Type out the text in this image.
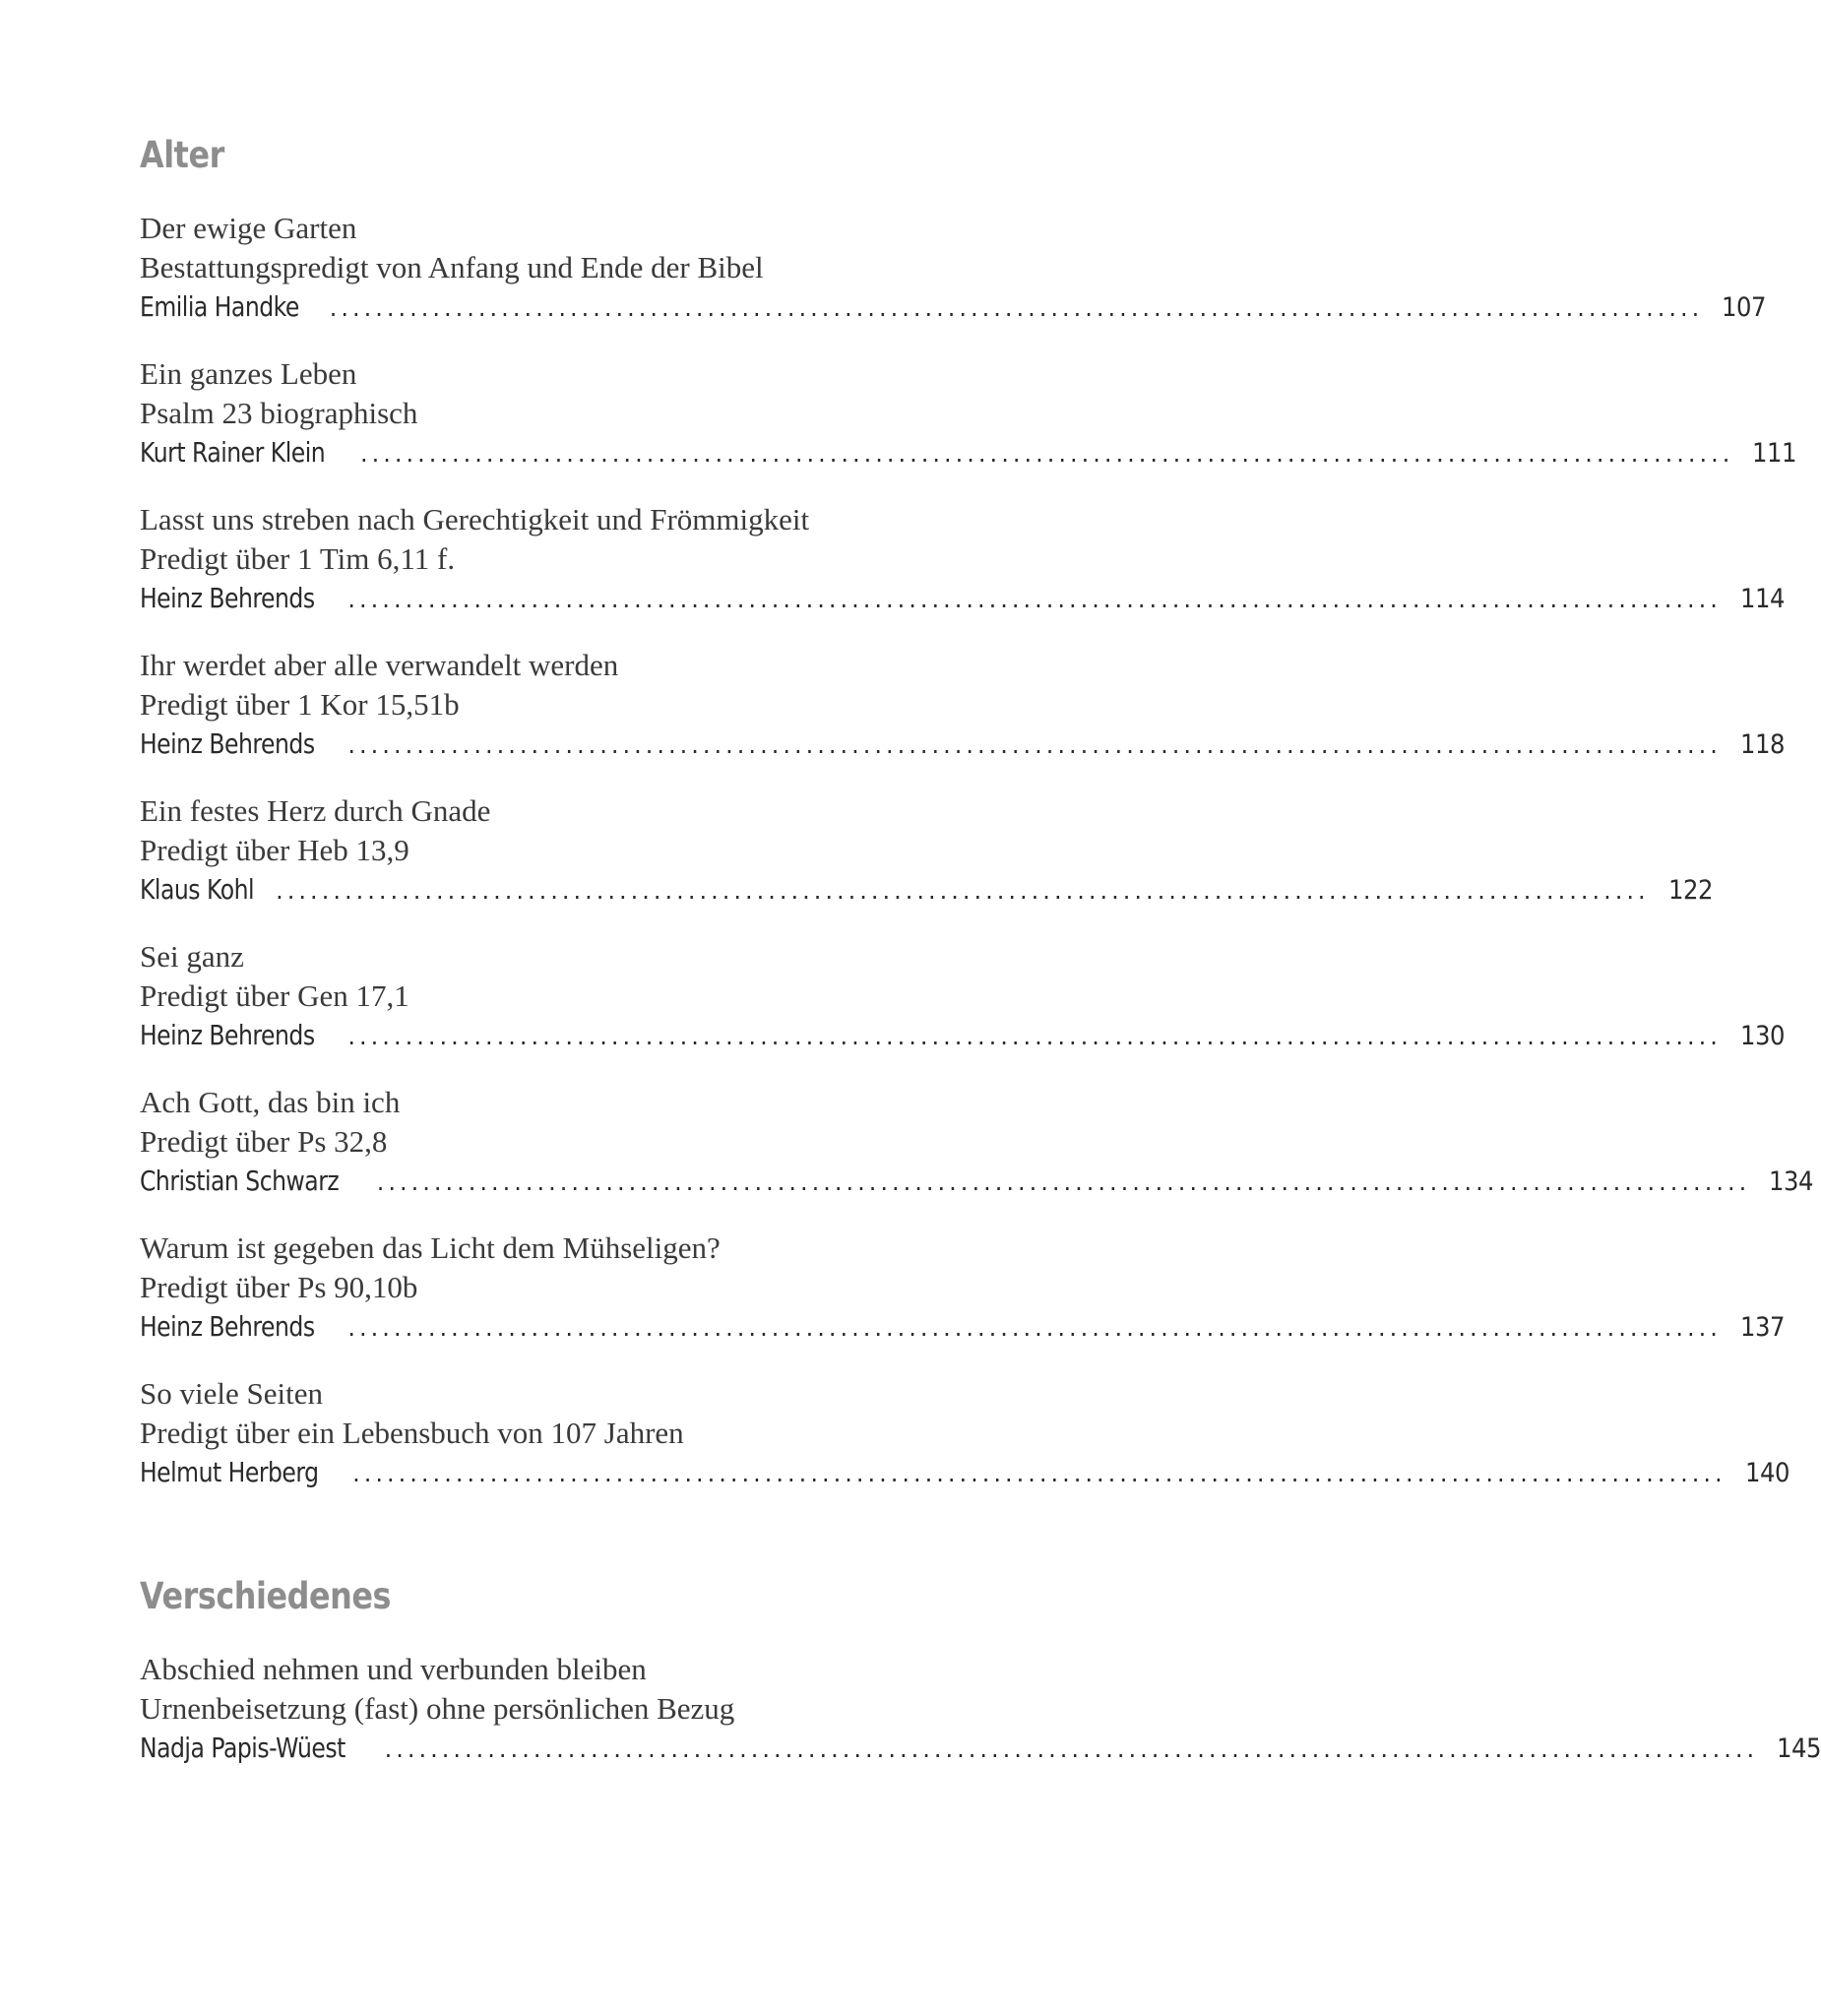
Alter
Der ewige Garten
Bestattungspredigt von Anfang und Ende der Bibel
Emilia Handke ........................................................................................................................ 107
Ein ganzes Leben
Psalm 23 biographisch
Kurt Rainer Klein ........................................................................................................................ 111
Lasst uns streben nach Gerechtigkeit und Frömmigkeit
Predigt über 1 Tim 6,11 f.
Heinz Behrends ........................................................................................................................ 114
Ihr werdet aber alle verwandelt werden
Predigt über 1 Kor 15,51b
Heinz Behrends ........................................................................................................................ 118
Ein festes Herz durch Gnade
Predigt über Heb 13,9
Klaus Kohl ........................................................................................................................ 122
Sei ganz
Predigt über Gen 17,1
Heinz Behrends ........................................................................................................................ 130
Ach Gott, das bin ich
Predigt über Ps 32,8
Christian Schwarz ........................................................................................................................ 134
Warum ist gegeben das Licht dem Mühseligen?
Predigt über Ps 90,10b
Heinz Behrends ........................................................................................................................ 137
So viele Seiten
Predigt über ein Lebensbuch von 107 Jahren
Helmut Herberg ........................................................................................................................ 140
Verschiedenes
Abschied nehmen und verbunden bleiben
Urnenbeisetzung (fast) ohne persönlichen Bezug
Nadja Papis-Wüest ........................................................................................................................ 145
